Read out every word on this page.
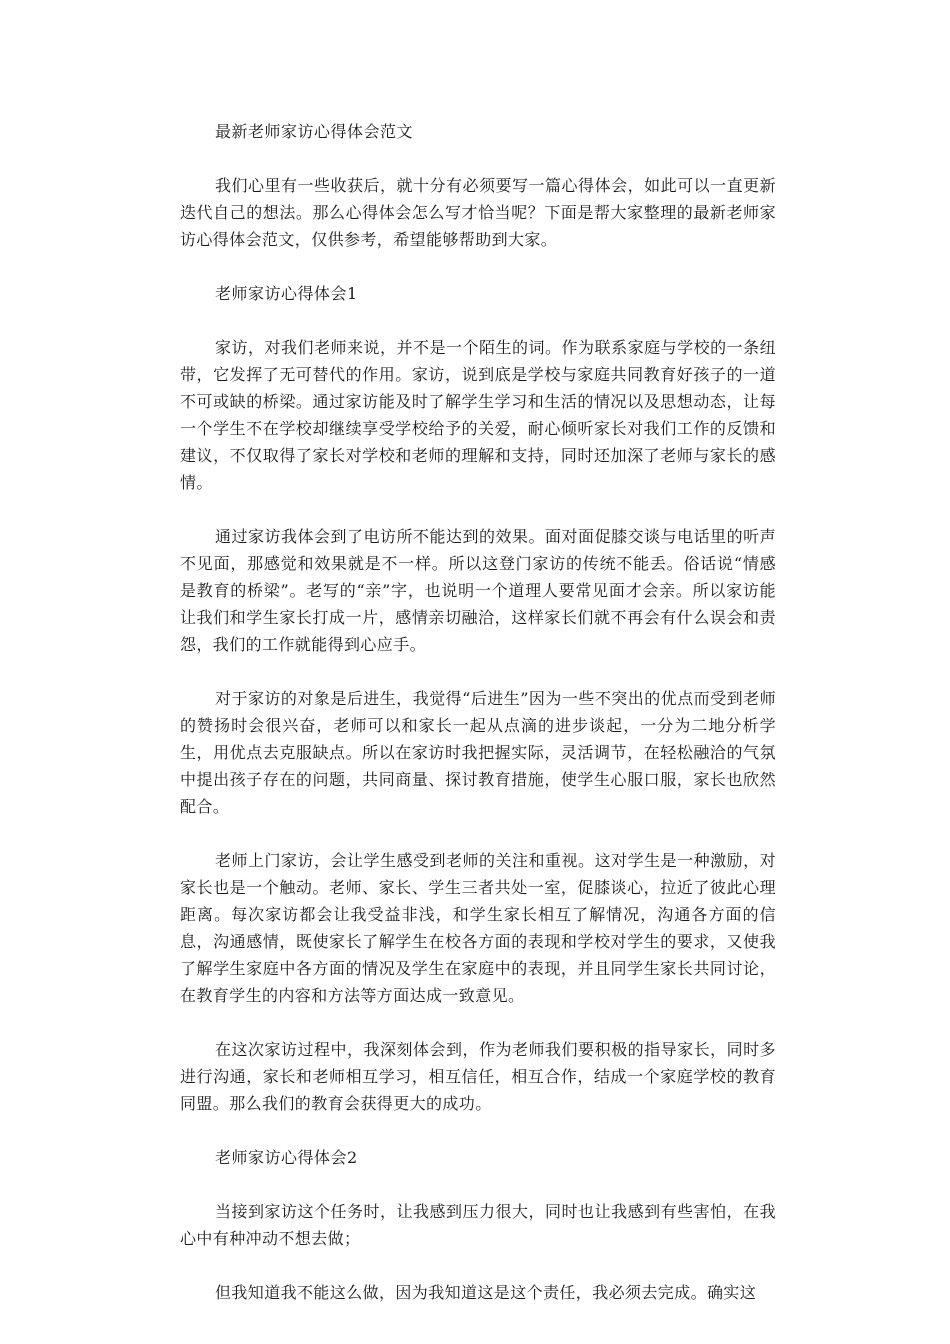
最新老师家访心得体会范文

我们心里有一些收获后，就十分有必须要写一篇心得体会，如此可以一直更新迭代自己的想法。那么心得体会怎么写才恰当呢？下面是帮大家整理的最新老师家访心得体会范文，仅供参考，希望能够帮助到大家。

老师家访心得体会1

家访，对我们老师来说，并不是一个陌生的词。作为联系家庭与学校的一条纽带，它发挥了无可替代的作用。家访，说到底是学校与家庭共同教育好孩子的一道不可或缺的桥梁。通过家访能及时了解学生学习和生活的情况以及思想动态，让每一个学生不在学校却继续享受学校给予的关爱，耐心倾听家长对我们工作的反馈和建议，不仅取得了家长对学校和老师的理解和支持，同时还加深了老师与家长的感情。

通过家访我体会到了电访所不能达到的效果。面对面促膝交谈与电话里的听声不见面，那感觉和效果就是不一样。所以这登门家访的传统不能丢。俗话说“情感是教育的桥梁”。老写的“亲”字，也说明一个道理人要常见面才会亲。所以家访能让我们和学生家长打成一片，感情亲切融洽，这样家长们就不再会有什么误会和责怨，我们的工作就能得到心应手。

对于家访的对象是后进生，我觉得“后进生”因为一些不突出的优点而受到老师的赞扬时会很兴奋，老师可以和家长一起从点滴的进步谈起，一分为二地分析学生，用优点去克服缺点。所以在家访时我把握实际，灵活调节，在轻松融洽的气氛中提出孩子存在的问题，共同商量、探讨教育措施，使学生心服口服，家长也欣然配合。

老师上门家访，会让学生感受到老师的关注和重视。这对学生是一种激励，对家长也是一个触动。老师、家长、学生三者共处一室，促膝谈心，拉近了彼此心理距离。每次家访都会让我受益非浅，和学生家长相互了解情况，沟通各方面的信息，沟通感情，既使家长了解学生在校各方面的表现和学校对学生的要求，又使我了解学生家庭中各方面的情况及学生在家庭中的表现，并且同学生家长共同讨论，在教育学生的内容和方法等方面达成一致意见。

在这次家访过程中，我深刻体会到，作为老师我们要积极的指导家长，同时多进行沟通，家长和老师相互学习，相互信任，相互合作，结成一个家庭学校的教育同盟。那么我们的教育会获得更大的成功。

老师家访心得体会2

当接到家访这个任务时，让我感到压力很大，同时也让我感到有些害怕，在我心中有种冲动不想去做；

但我知道我不能这么做，因为我知道这是这个责任，我必须去完成。确实这
